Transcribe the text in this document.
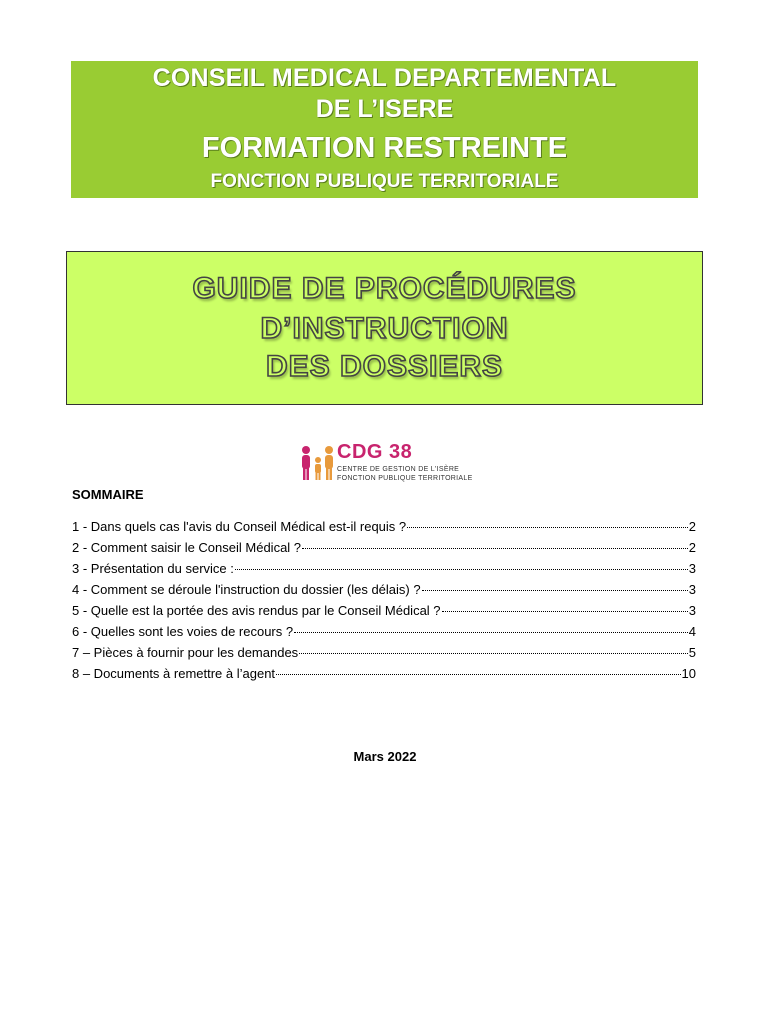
CONSEIL MEDICAL DEPARTEMENTAL
DE L’ISERE
FORMATION RESTREINTE
FONCTION PUBLIQUE TERRITORIALE
GUIDE DE PROCÉDURES
D’INSTRUCTION
DES DOSSIERS
CDG 38
CENTRE DE GESTION DE L'ISÈRE
FONCTION PUBLIQUE TERRITORIALE
SOMMAIRE
1 - Dans quels cas l'avis du Conseil Médical est-il requis ?	2
2 - Comment saisir le Conseil Médical ?	2
3 - Présentation du service :	3
4 - Comment se déroule l'instruction du dossier (les délais) ?	3
5 - Quelle est la portée des avis rendus par le Conseil Médical ?	3
6 - Quelles sont les voies de recours ?	4
7 – Pièces à fournir pour les demandes	5
8 – Documents à remettre à l’agent	10
Mars 2022
